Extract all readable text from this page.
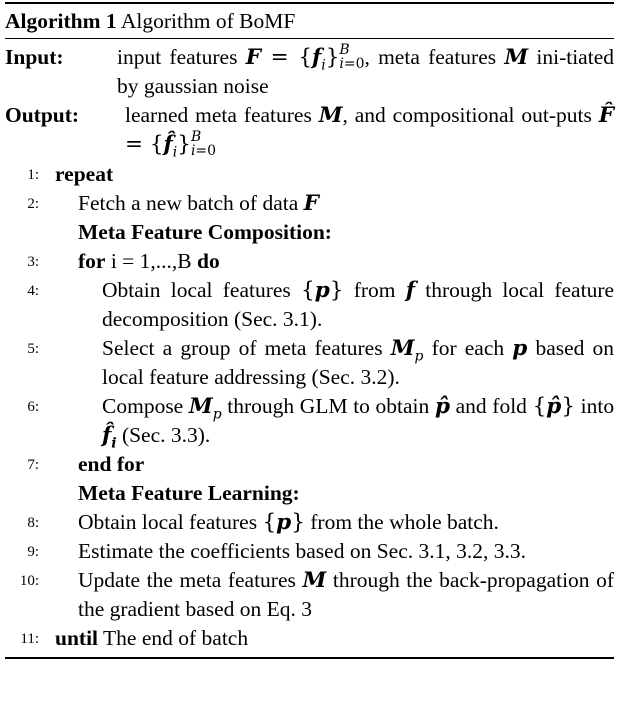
Algorithm 1 Algorithm of BoMF
Input: input features $F = \{f_i\}$ B
i=0 , meta features M ini-tiated by gaussian noise
Output: learned meta features M, and compositional out-puts F̂ = $\{f̂_i\}$ B
i=0
1: repeat
2:	Fetch a new batch of data F
Meta Feature Composition:
3:	for i = 1,...,B do
4:	Obtain local features {p} from f through local feature decomposition (Sec. 3.1).
5:	Select a group of meta features $M_p$ for each p based on local feature addressing (Sec. 3.2).
6:	Compose $M_p$ through GLM to obtain p̂ and fold {p̂} into $f̂_i$ (Sec. 3.3).
7:	end for
Meta Feature Learning:
8:	Obtain local features {p} from the whole batch.
9:	Estimate the coefficients based on Sec. 3.1, 3.2, 3.3.
10:	Update the meta features M through the back-propagation of the gradient based on Eq. 3
11: until The end of batch
